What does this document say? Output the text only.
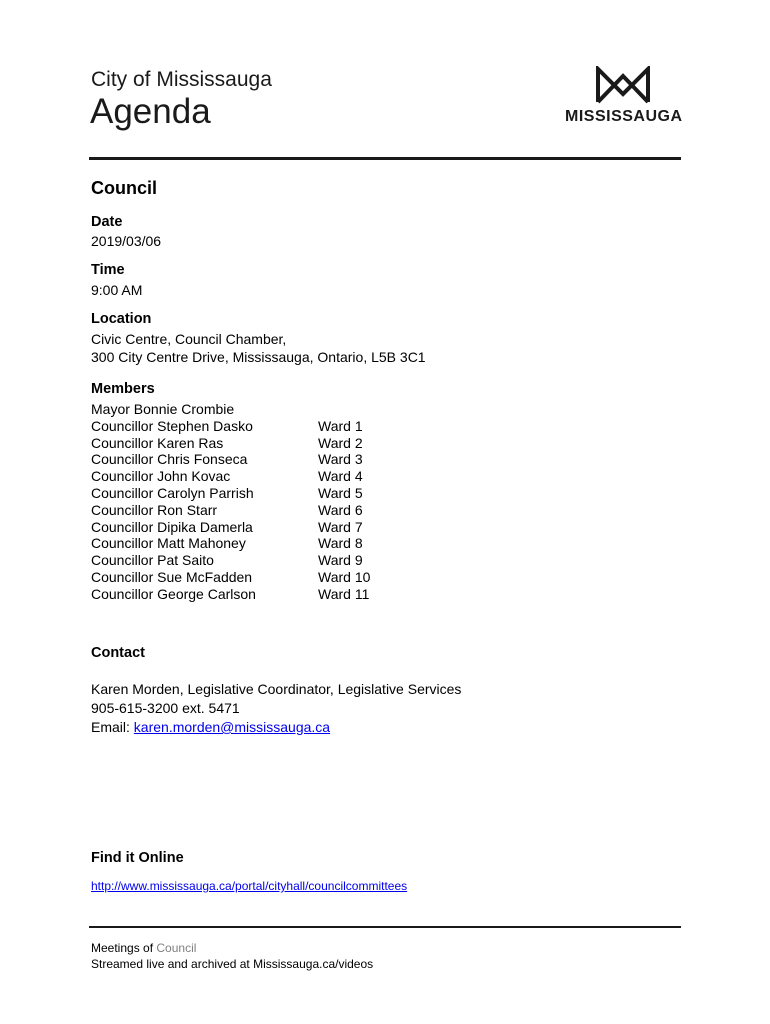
City of Mississauga
Agenda	MISSISSAUGA
Council
Date
2019/03/06
Time
9:00 AM
Location
Civic Centre, Council Chamber,
300 City Centre Drive, Mississauga, Ontario, L5B 3C1
Members
Mayor Bonnie Crombie
Councillor Stephen Dasko	Ward 1
Councillor Karen Ras	Ward 2
Councillor Chris Fonseca	Ward 3
Councillor John Kovac	Ward 4
Councillor Carolyn Parrish	Ward 5
Councillor Ron Starr	Ward 6
Councillor Dipika Damerla	Ward 7
Councillor Matt Mahoney	Ward 8
Councillor Pat Saito	Ward 9
Councillor Sue McFadden	Ward 10
Councillor George Carlson	Ward 11
Contact
Karen Morden, Legislative Coordinator, Legislative Services
905-615-3200 ext. 5471
Email: karen.morden@mississauga.ca
Find it Online
http://www.mississauga.ca/portal/cityhall/councilcommittees
Meetings of Council
Streamed live and archived at Mississauga.ca/videos
